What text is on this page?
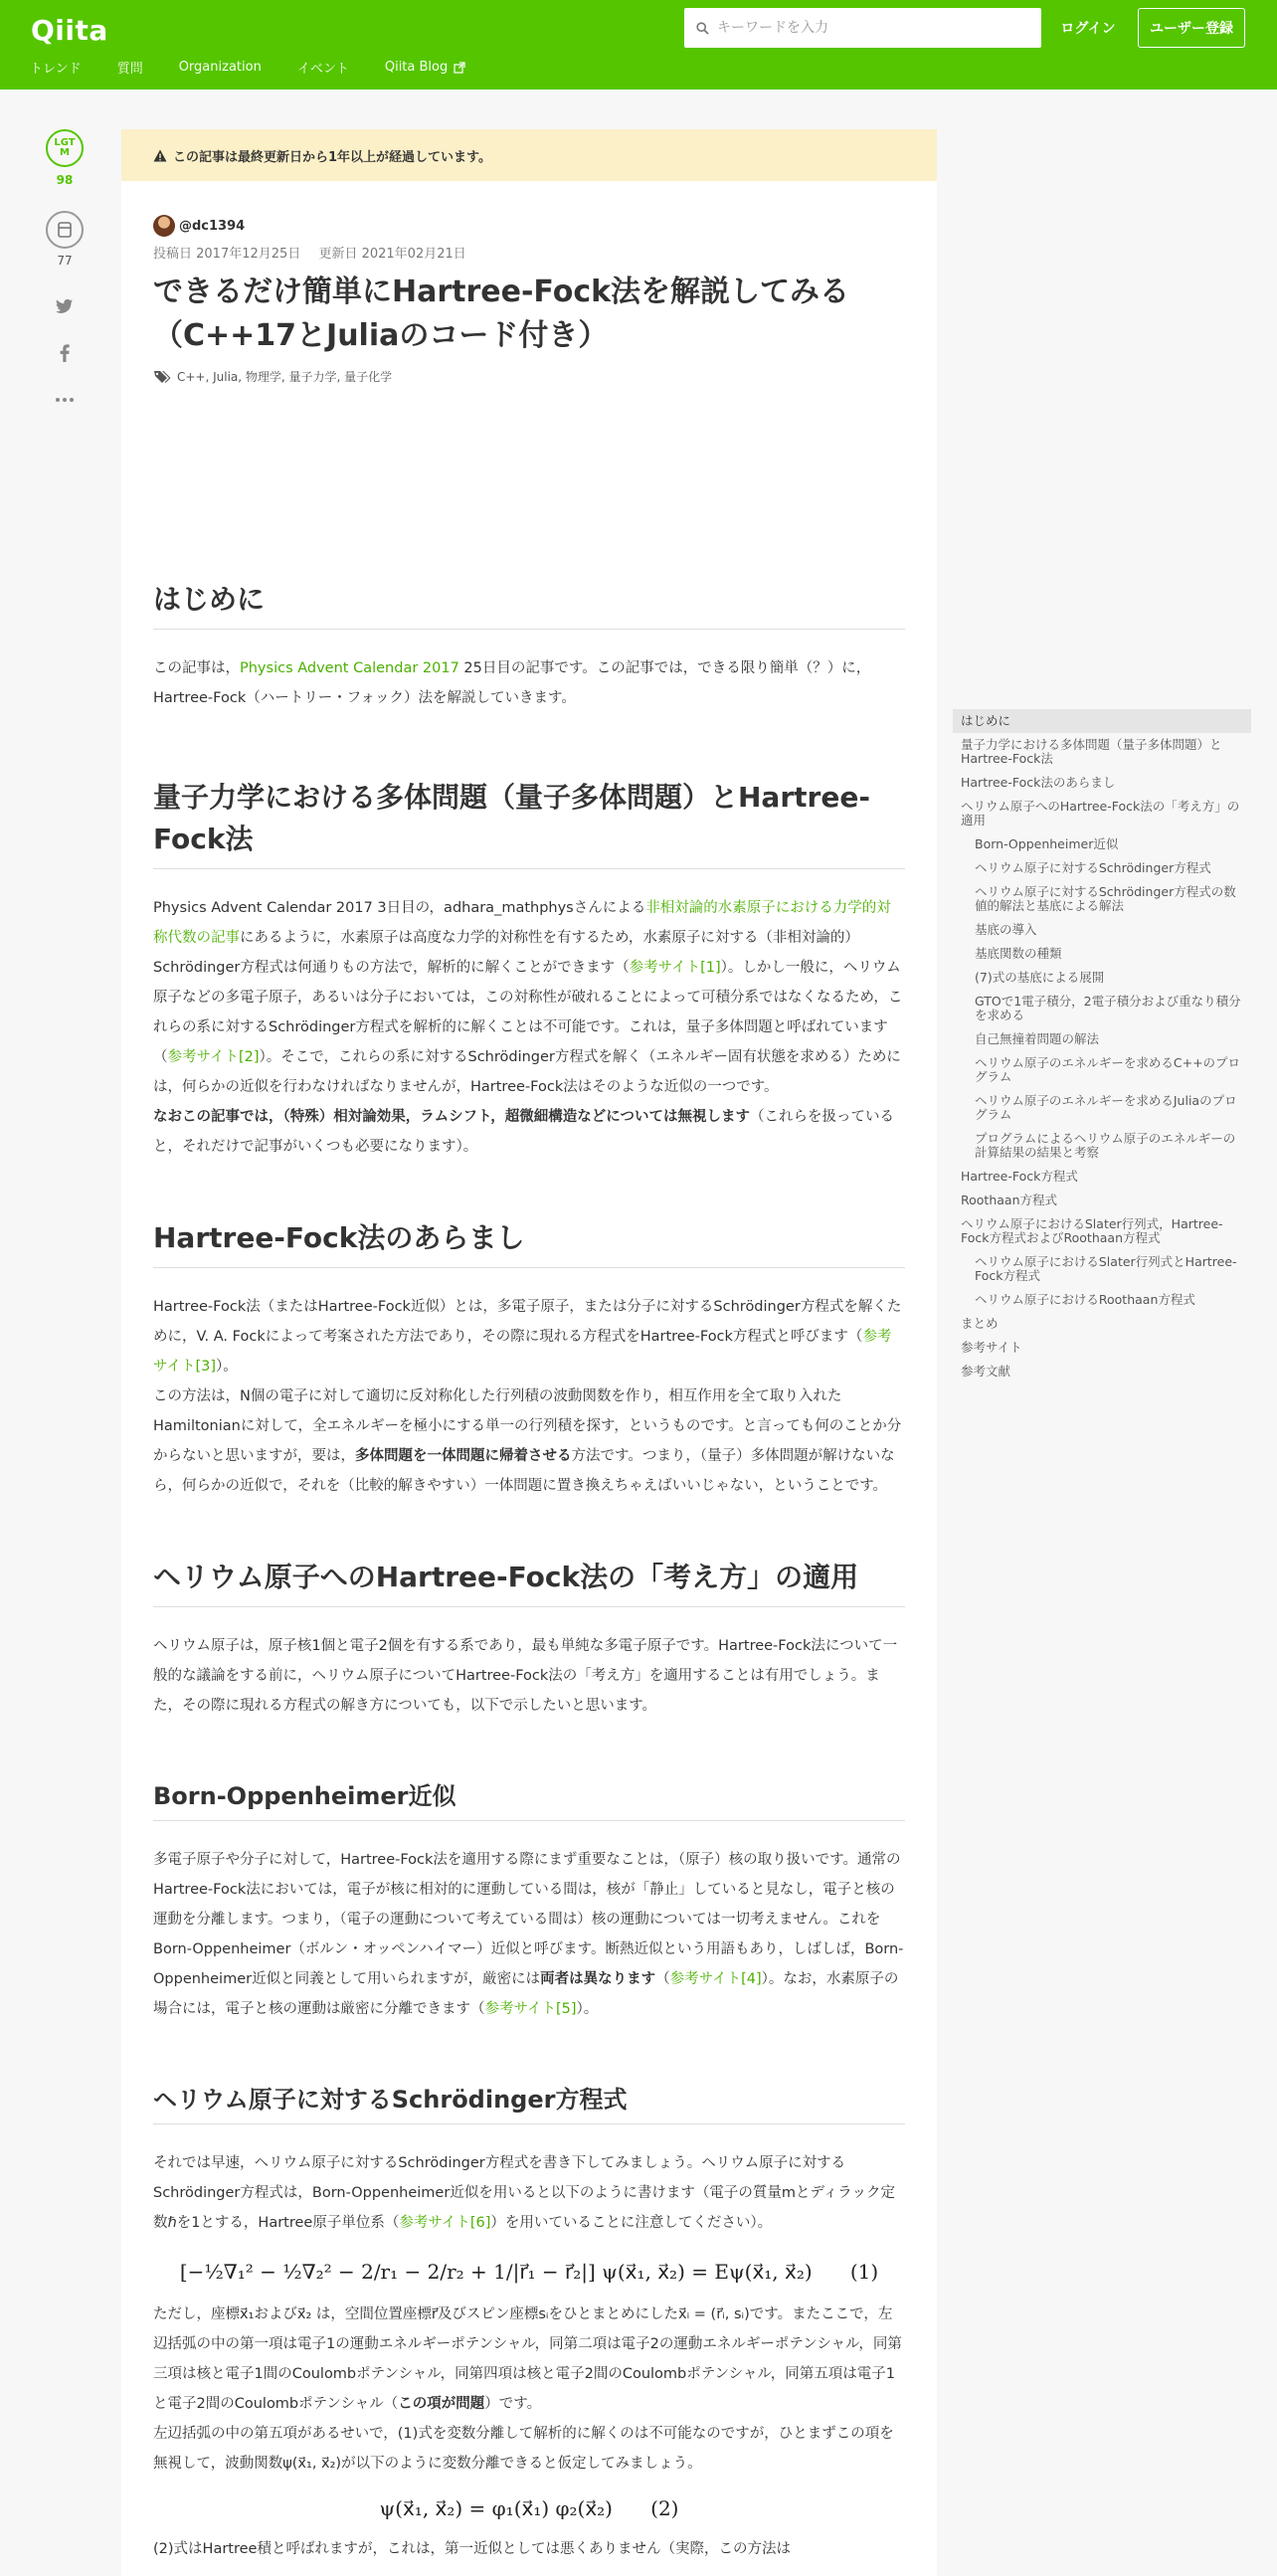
Qiita
キーワードを入力	ログイン	ユーザー登録
トレンド	質問	Organization	イベント	Qiita Blog
LGTM
98
77
この記事は最終更新日から1年以上が経過しています。
@dc1394
投稿日 2017年12月25日 更新日 2021年02月21日
できるだけ簡単にHartree-Fock法を解説してみる
（C++17とJuliaのコード付き）
C++, Julia, 物理学, 量子力学, 量子化学
はじめに

この記事は，Physics Advent Calendar 2017 25日目の記事です。この記事では，できる限り簡単（？）に，Hartree-Fock（ハートリー・フォック）法を解説していきます。

量子力学における多体問題（量子多体問題）とHartree-Fock法

Physics Advent Calendar 2017 3日目の，adhara_mathphysさんによる非相対論的水素原子における力学的対称代数の記事にあるように，水素原子は高度な力学的対称性を有するため，水素原子に対する（非相対論的）Schrödinger方程式は何通りもの方法で，解析的に解くことができます（参考サイト[1]）。しかし一般に，ヘリウム原子などの多電子原子，あるいは分子においては，この対称性が破れることによって可積分系ではなくなるため，これらの系に対するSchrödinger方程式を解析的に解くことは不可能です。これは，量子多体問題と呼ばれています（参考サイト[2]）。そこで，これらの系に対するSchrödinger方程式を解く（エネルギー固有状態を求める）ためには，何らかの近似を行わなければなりませんが，Hartree-Fock法はそのような近似の一つです。
なおこの記事では，（特殊）相対論効果，ラムシフト，超微細構造などについては無視します（これらを扱っていると，それだけで記事がいくつも必要になります）。

Hartree-Fock法のあらまし

Hartree-Fock法（またはHartree-Fock近似）とは，多電子原子，または分子に対するSchrödinger方程式を解くために，V. A. Fockによって考案された方法であり，その際に現れる方程式をHartree-Fock方程式と呼びます（参考サイト[3]）。
この方法は，N個の電子に対して適切に反対称化した行列積の波動関数を作り，相互作用を全て取り入れたHamiltonianに対して，全エネルギーを極小にする単一の行列積を探す，というものです。と言っても何のことか分からないと思いますが，要は，多体問題を一体問題に帰着させる方法です。つまり，（量子）多体問題が解けないなら，何らかの近似で，それを（比較的解きやすい）一体問題に置き換えちゃえばいいじゃない，ということです。

ヘリウム原子へのHartree-Fock法の「考え方」の適用

ヘリウム原子は，原子核1個と電子2個を有する系であり，最も単純な多電子原子です。Hartree-Fock法について一般的な議論をする前に，ヘリウム原子についてHartree-Fock法の「考え方」を適用することは有用でしょう。また，その際に現れる方程式の解き方についても，以下で示したいと思います。

Born-Oppenheimer近似

多電子原子や分子に対して，Hartree-Fock法を適用する際にまず重要なことは，（原子）核の取り扱いです。通常のHartree-Fock法においては，電子が核に相対的に運動している間は，核が「静止」していると見なし，電子と核の運動を分離します。つまり，（電子の運動について考えている間は）核の運動については一切考えません。これをBorn-Oppenheimer（ボルン・オッペンハイマー）近似と呼びます。断熱近似という用語もあり，しばしば，Born-Oppenheimer近似と同義として用いられますが，厳密には両者は異なります（参考サイト[4]）。なお，水素原子の場合には，電子と核の運動は厳密に分離できます（参考サイト[5]）。

ヘリウム原子に対するSchrödinger方程式

それでは早速，ヘリウム原子に対するSchrödinger方程式を書き下してみましょう。ヘリウム原子に対するSchrödinger方程式は，Born-Oppenheimer近似を用いると以下のように書けます（電子の質量mとディラック定数ℏを1とする，Hartree原子単位系（参考サイト[6]）を用いていることに注意してください）。

[−½∇₁² − ½∇₂² − 2/r₁ − 2/r₂ + 1/|r⃗₁ − r⃗₂|] ψ(x⃗₁, x⃗₂) = Eψ(x⃗₁, x⃗₂) (1)

ただし，座標x⃗₁およびx⃗₂ は，空間位置座標r⃗及びスピン座標sᵢをひとまとめにしたx⃗ᵢ = (r⃗ᵢ, sᵢ)です。またここで，左辺括弧の中の第一項は電子1の運動エネルギーポテンシャル，同第二項は電子2の運動エネルギーポテンシャル，同第三項は核と電子1間のCoulombポテンシャル，同第四項は核と電子2間のCoulombポテンシャル，同第五項は電子1と電子2間のCoulombポテンシャル（この項が問題）です。
左辺括弧の中の第五項があるせいで，(1)式を変数分離して解析的に解くのは不可能なのですが，ひとまずこの項を無視して，波動関数ψ(x⃗₁, x⃗₂)が以下のように変数分離できると仮定してみましょう。

ψ(x⃗₁, x⃗₂) = φ₁(x⃗₁) φ₂(x⃗₂) (2)

(2)式はHartree積と呼ばれますが，これは，第一近似としては悪くありません（実際，この方法は

はじめに
量子力学における多体問題（量子多体問題）とHartree-Fock法
Hartree-Fock法のあらまし
ヘリウム原子へのHartree-Fock法の「考え方」の適用
Born-Oppenheimer近似
ヘリウム原子に対するSchrödinger方程式
ヘリウム原子に対するSchrödinger方程式の数値的解法と基底による解法
基底の導入
基底関数の種類
(7)式の基底による展開
GTOで1電子積分，2電子積分および重なり積分を求める
自己無撞着問題の解法
ヘリウム原子のエネルギーを求めるC++のプログラム
ヘリウム原子のエネルギーを求めるJuliaのプログラム
プログラムによるヘリウム原子のエネルギーの計算結果の結果と考察
Hartree-Fock方程式
Roothaan方程式
ヘリウム原子におけるSlater行列式，Hartree-Fock方程式およびRoothaan方程式
ヘリウム原子におけるSlater行列式とHartree-Fock方程式
ヘリウム原子におけるRoothaan方程式
まとめ
参考サイト
参考文献
